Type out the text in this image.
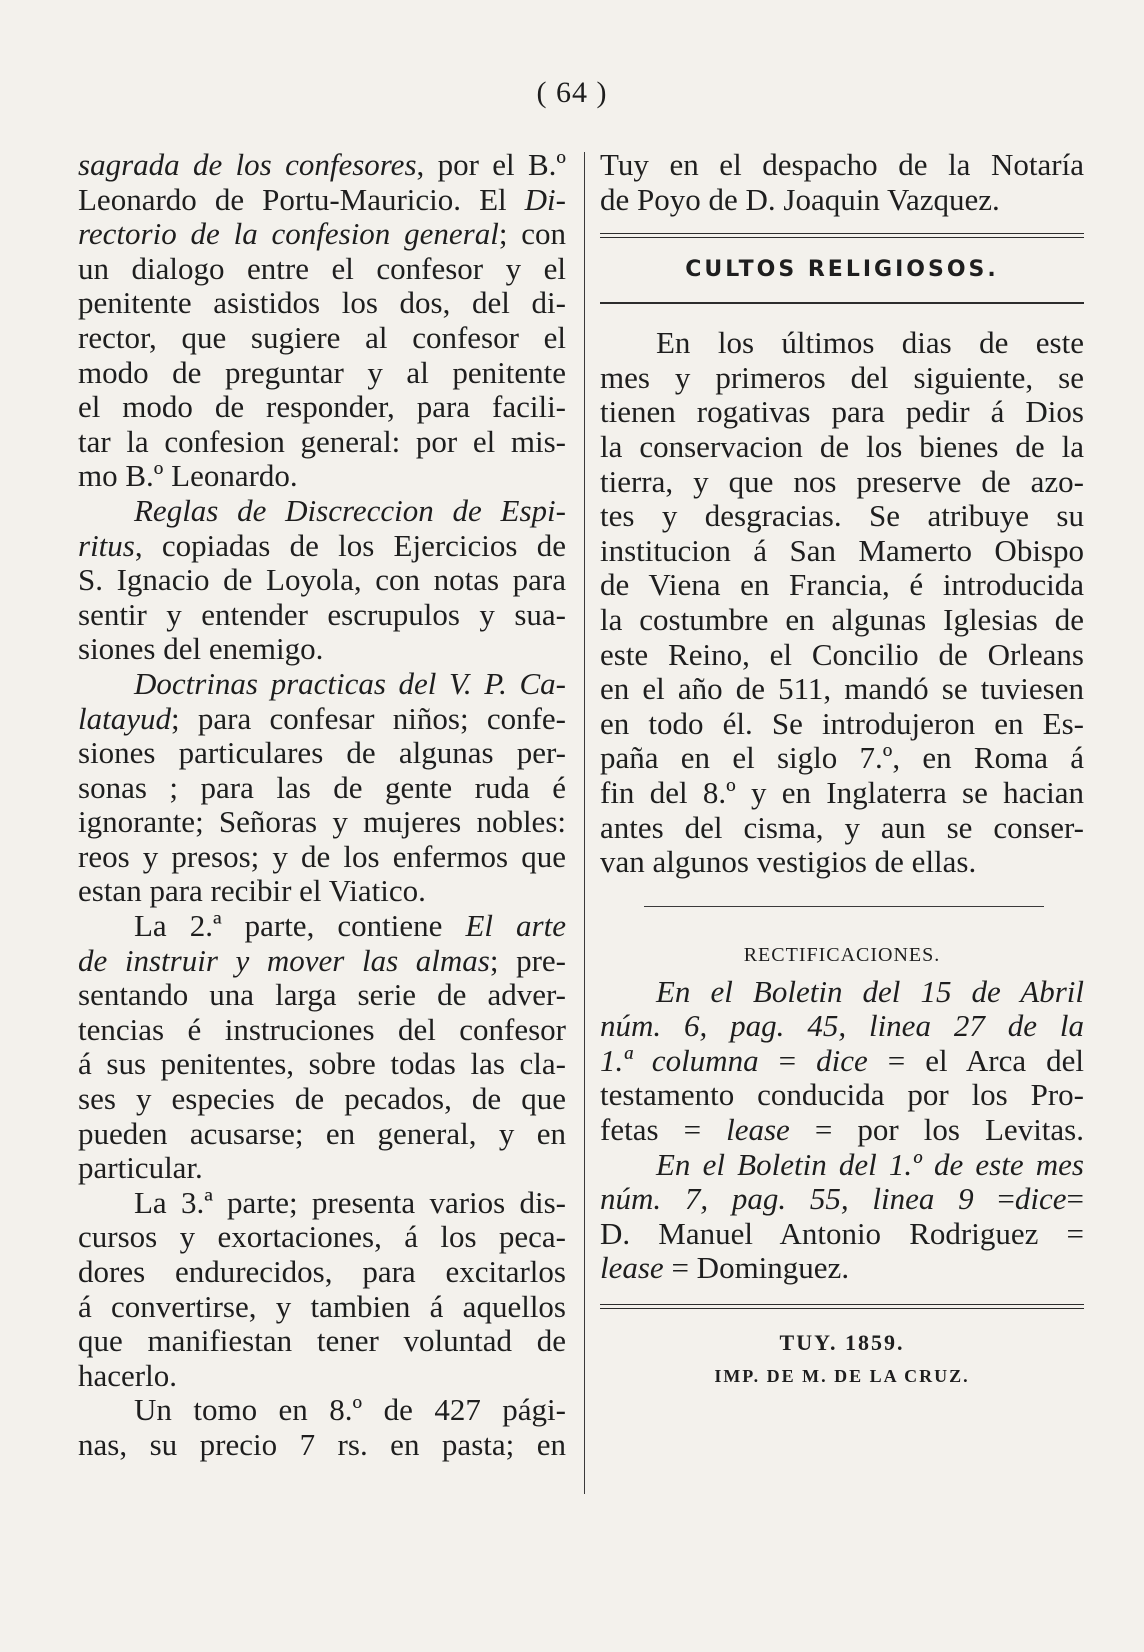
( 64 )
sagrada de los confesores, por el B.º
Leonardo de Portu-Mauricio. El Di-
rectorio de la confesion general; con
un dialogo entre el confesor y el
penitente asistidos los dos, del di-
rector, que sugiere al confesor el
modo de preguntar y al penitente
el modo de responder, para facili-
tar la confesion general: por el mis-
mo B.º Leonardo.
Reglas de Discreccion de Espi-
ritus, copiadas de los Ejercicios de
S. Ignacio de Loyola, con notas para
sentir y entender escrupulos y sua-
siones del enemigo.
Doctrinas practicas del V. P. Ca-
latayud; para confesar niños; confe-
siones particulares de algunas per-
sonas ; para las de gente ruda é
ignorante; Señoras y mujeres nobles:
reos y presos; y de los enfermos que
estan para recibir el Viatico.
La 2.ª parte, contiene El arte
de instruir y mover las almas; pre-
sentando una larga serie de adver-
tencias é instruciones del confesor
á sus penitentes, sobre todas las cla-
ses y especies de pecados, de que
pueden acusarse; en general, y en
particular.
La 3.ª parte; presenta varios dis-
cursos y exortaciones, á los peca-
dores endurecidos, para excitarlos
á convertirse, y tambien á aquellos
que manifiestan tener voluntad de
hacerlo.
Un tomo en 8.º de 427 pági-
nas, su precio 7 rs. en pasta; en
Tuy en el despacho de la Notaría
de Poyo de D. Joaquin Vazquez.
CULTOS RELIGIOSOS.
En los últimos dias de este
mes y primeros del siguiente, se
tienen rogativas para pedir á Dios
la conservacion de los bienes de la
tierra, y que nos preserve de azo-
tes y desgracias. Se atribuye su
institucion á San Mamerto Obispo
de Viena en Francia, é introducida
la costumbre en algunas Iglesias de
este Reino, el Concilio de Orleans
en el año de 511, mandó se tuviesen
en todo él. Se introdujeron en Es-
paña en el siglo 7.º, en Roma á
fin del 8.º y en Inglaterra se hacian
antes del cisma, y aun se conser-
van algunos vestigios de ellas.
RECTIFICACIONES.
En el Boletin del 15 de Abril
núm. 6, pag. 45, linea 27 de la
1.ª columna = dice = el Arca del
testamento conducida por los Pro-
fetas = lease = por los Levitas.
En el Boletin del 1.º de este mes
núm. 7, pag. 55, linea 9 =dice=
D. Manuel Antonio Rodriguez =
lease = Dominguez.
TUY. 1859.
IMP. DE M. DE LA CRUZ.
